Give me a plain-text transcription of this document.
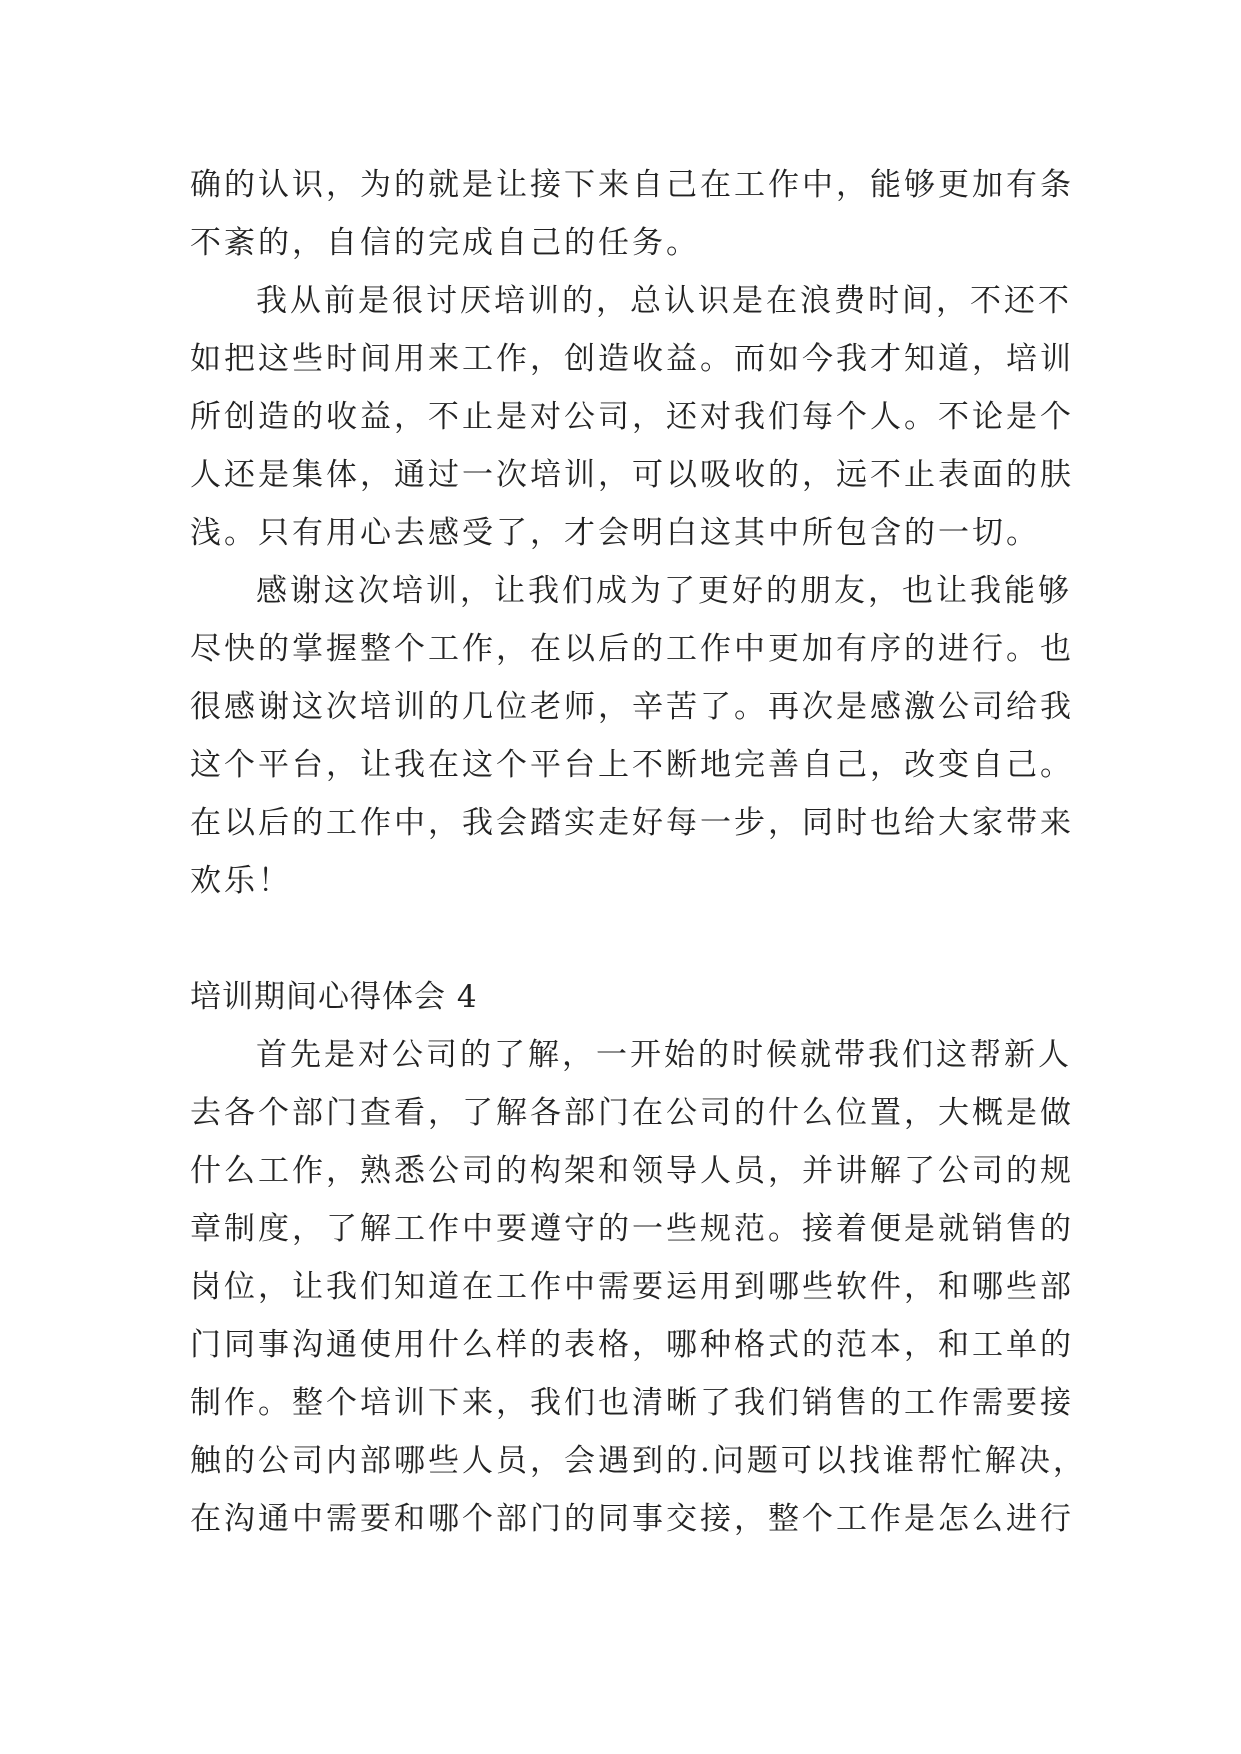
确的认识，为的就是让接下来自己在工作中，能够更加有条
不紊的，自信的完成自己的任务。
我从前是很讨厌培训的，总认识是在浪费时间，不还不
如把这些时间用来工作，创造收益。而如今我才知道，培训
所创造的收益，不止是对公司，还对我们每个人。不论是个
人还是集体，通过一次培训，可以吸收的，远不止表面的肤
浅。只有用心去感受了，才会明白这其中所包含的一切。
感谢这次培训，让我们成为了更好的朋友，也让我能够
尽快的掌握整个工作，在以后的工作中更加有序的进行。也
很感谢这次培训的几位老师，辛苦了。再次是感激公司给我
这个平台，让我在这个平台上不断地完善自己，改变自己。
在以后的工作中，我会踏实走好每一步，同时也给大家带来
欢乐！
培训期间心得体会 4
首先是对公司的了解，一开始的时候就带我们这帮新人
去各个部门查看，了解各部门在公司的什么位置，大概是做
什么工作，熟悉公司的构架和领导人员，并讲解了公司的规
章制度，了解工作中要遵守的一些规范。接着便是就销售的
岗位，让我们知道在工作中需要运用到哪些软件，和哪些部
门同事沟通使用什么样的表格，哪种格式的范本，和工单的
制作。整个培训下来，我们也清晰了我们销售的工作需要接
触的公司内部哪些人员，会遇到的.问题可以找谁帮忙解决，
在沟通中需要和哪个部门的同事交接，整个工作是怎么进行
